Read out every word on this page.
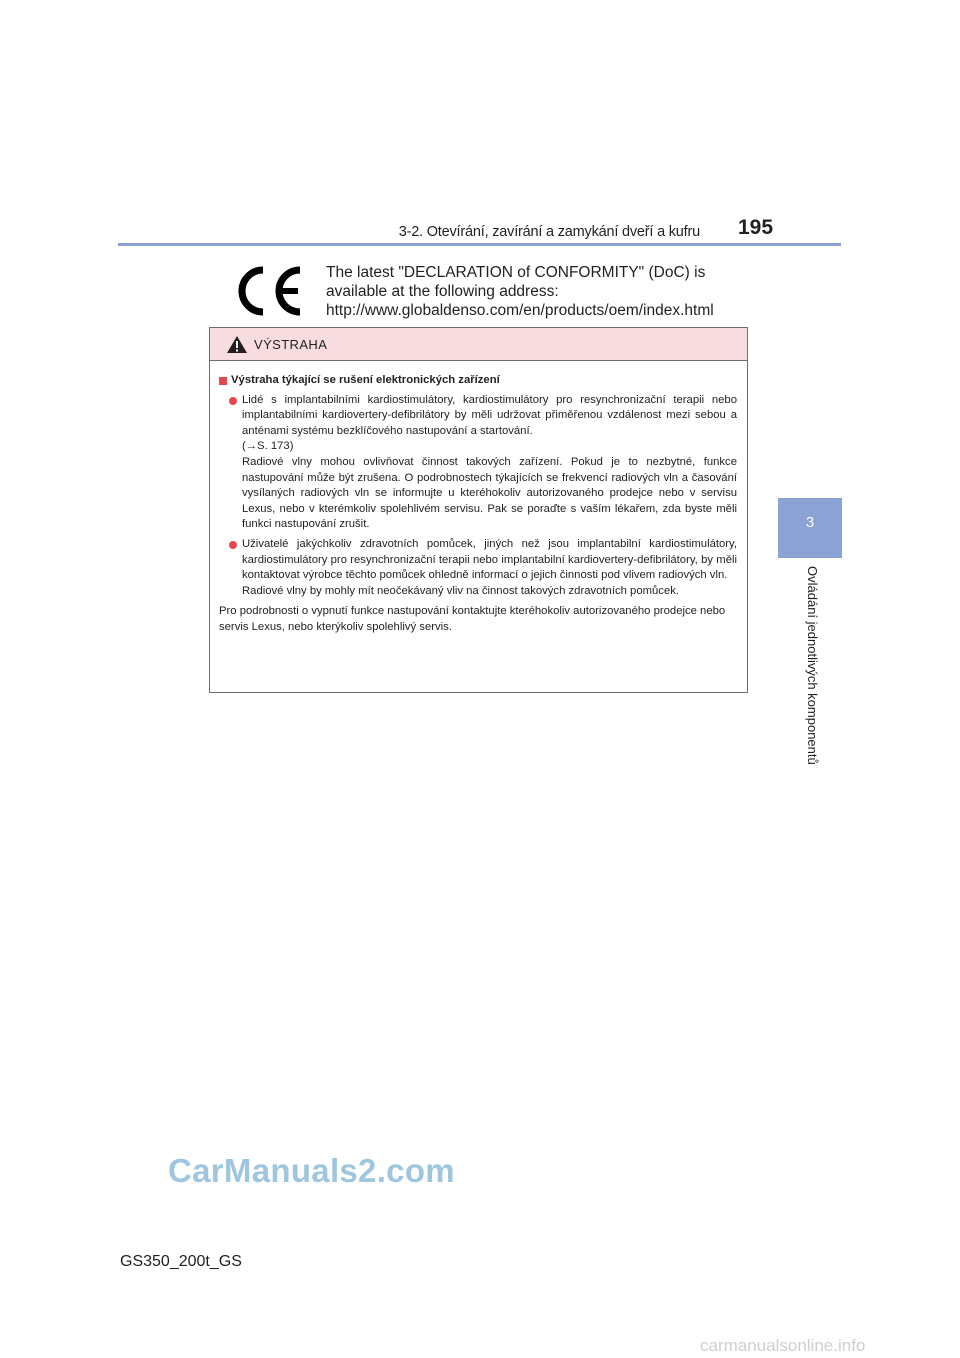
3-2. Otevírání, zavírání a zamykání dveří a kufru 195
3
Ovládání jednotlivých komponentů
The latest "DECLARATION of CONFORMITY" (DoC) is
available at the following address:
http://www.globaldenso.com/en/products/oem/index.html
VÝSTRAHA
Výstraha týkající se rušení elektronických zařízení

Lidé s implantabilními kardiostimulátory, kardiostimulátory pro resynchronizační terapii nebo implantabilními kardiovertery-defibrilátory by měli udržovat přiměřenou vzdálenost mezi sebou a anténami systému bezklíčového nastupování a startování.

(→S. 173)

Radiové vlny mohou ovlivňovat činnost takových zařízení. Pokud je to nezbytné, funkce nastupování může být zrušena. O podrobnostech týkajících se frekvencí radiových vln a časování vysílaných radiových vln se informujte u kteréhokoliv autorizovaného prodejce nebo v servisu Lexus, nebo v kterémkoliv spolehlivém servisu. Pak se poraďte s vaším lékařem, zda byste měli funkci nastupování zrušit.

Uživatelé jakýchkoliv zdravotních pomůcek, jiných než jsou implantabilní kardiostimulátory, kardiostimulátory pro resynchronizační terapii nebo implantabilní kardiovertery-defibrilátory, by měli kontaktovat výrobce těchto pomůcek ohledně informací o jejich činnosti pod vlivem radiových vln.

Radiové vlny by mohly mít neočekávaný vliv na činnost takových zdravotních pomůcek.

Pro podrobnosti o vypnutí funkce nastupování kontaktujte kteréhokoliv autorizovaného prodejce nebo servis Lexus, nebo kterýkoliv spolehlivý servis.

CarManuals2.com
GS350_200t_GS
carmanualsonline.info
